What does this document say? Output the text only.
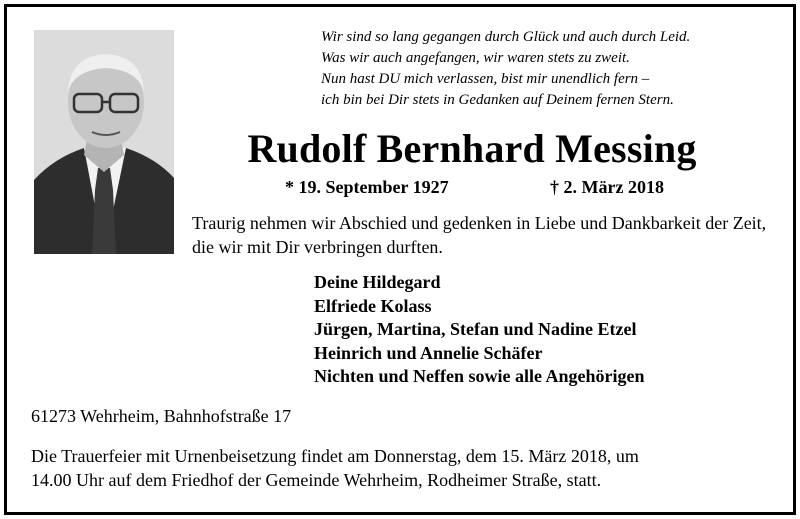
Wir sind so lang gegangen durch Glück und auch durch Leid.
Was wir auch angefangen, wir waren stets zu zweit.
Nun hast DU mich verlassen, bist mir unendlich fern –
ich bin bei Dir stets in Gedanken auf Deinem fernen Stern.
Rudolf Bernhard Messing
* 19. September 1927	† 2. März 2018
Traurig nehmen wir Abschied und gedenken in Liebe und Dankbarkeit der Zeit, die wir mit Dir verbringen durften.
Deine Hildegard
Elfriede Kolass
Jürgen, Martina, Stefan und Nadine Etzel
Heinrich und Annelie Schäfer
Nichten und Neffen sowie alle Angehörigen
61273 Wehrheim, Bahnhofstraße 17
Die Trauerfeier mit Urnenbeisetzung findet am Donnerstag, dem 15. März 2018, um
14.00 Uhr auf dem Friedhof der Gemeinde Wehrheim, Rodheimer Straße, statt.
